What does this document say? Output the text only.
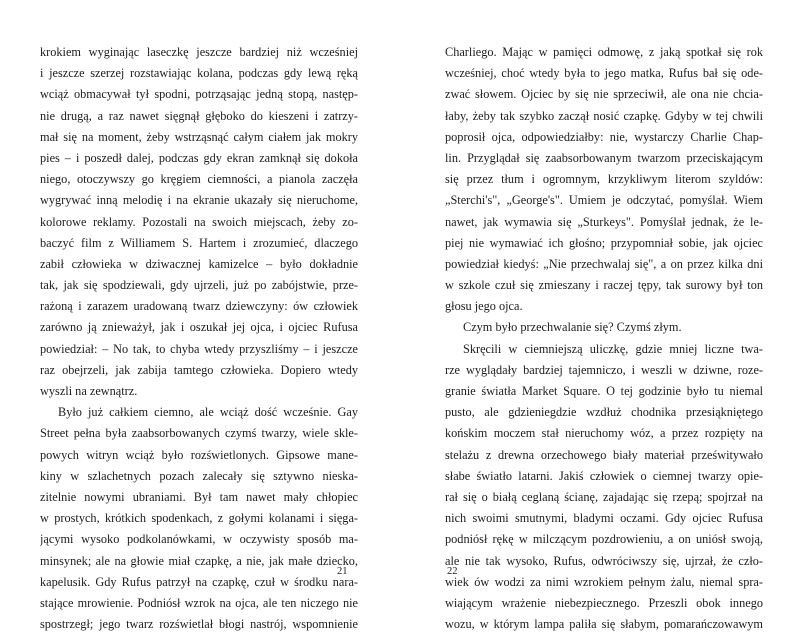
krokiem wyginając laseczkę jeszcze bardziej niż wcześniej
i jeszcze szerzej rozstawiając kolana, podczas gdy lewą ręką
wciąż obmacywał tył spodni, potrząsając jedną stopą, następ-
nie drugą, a raz nawet sięgnął głęboko do kieszeni i zatrzy-
mał się na moment, żeby wstrząsnąć całym ciałem jak mokry
pies – i poszedł dalej, podczas gdy ekran zamknął się dokoła
niego, otoczywszy go kręgiem ciemności, a pianola zaczęła
wygrywać inną melodię i na ekranie ukazały się nieruchome,
kolorowe reklamy. Pozostali na swoich miejscach, żeby zo-
baczyć film z Williamem S. Hartem i zrozumieć, dlaczego
zabił człowieka w dziwacznej kamizelce – było dokładnie
tak, jak się spodziewali, gdy ujrzeli, już po zabójstwie, prze-
rażoną i zarazem uradowaną twarz dziewczyny: ów człowiek
zarówno ją znieważył, jak i oszukał jej ojca, i ojciec Rufusa
powiedział: – No tak, to chyba wtedy przyszliśmy – i jeszcze
raz obejrzeli, jak zabija tamtego człowieka. Dopiero wtedy
wyszli na zewnątrz.
Było już całkiem ciemno, ale wciąż dość wcześnie. Gay
Street pełna była zaabsorbowanych czymś twarzy, wiele skle-
powych witryn wciąż było rozświetlonych. Gipsowe mane-
kiny w szlachetnych pozach zalecały się sztywno nieska-
zitelnie nowymi ubraniami. Był tam nawet mały chłopiec
w prostych, krótkich spodenkach, z gołymi kolanami i sięga-
jącymi wysoko podkolanówkami, w oczywisty sposób ma-
minsynek; ale na głowie miał czapkę, a nie, jak małe dziecko,
kapelusik. Gdy Rufus patrzył na czapkę, czuł w środku nara-
stające mrowienie. Podniósł wzrok na ojca, ale ten niczego nie
spostrzegł; jego twarz rozświetlał błogi nastrój, wspomnienie
Charliego. Mając w pamięci odmowę, z jaką spotkał się rok
wcześniej, choć wtedy była to jego matka, Rufus bał się ode-
zwać słowem. Ojciec by się nie sprzeciwił, ale ona nie chcia-
łaby, żeby tak szybko zaczął nosić czapkę. Gdyby w tej chwili
poprosił ojca, odpowiedziałby: nie, wystarczy Charlie Chap-
lin. Przyglądał się zaabsorbowanym twarzom przeciskającym
się przez tłum i ogromnym, krzykliwym literom szyldów:
„Sterchi's", „George's". Umiem je odczytać, pomyślał. Wiem
nawet, jak wymawia się „Sturkeys". Pomyślał jednak, że le-
piej nie wymawiać ich głośno; przypomniał sobie, jak ojciec
powiedział kiedyś: „Nie przechwalaj się", a on przez kilka dni
w szkole czuł się zmieszany i raczej tępy, tak surowy był ton
głosu jego ojca.
Czym było przechwalanie się? Czymś złym.
Skręcili w ciemniejszą uliczkę, gdzie mniej liczne twa-
rze wyglądały bardziej tajemniczo, i weszli w dziwne, roze-
granie światła Market Square. O tej godzinie było tu niemal
pusto, ale gdzieniegdzie wzdłuż chodnika przesiąkniętego
końskim moczem stał nieruchomy wóz, a przez rozpięty na
stelażu z drewna orzechowego biały materiał prześwitywało
słabe światło latarni. Jakiś człowiek o ciemnej twarzy opie-
rał się o białą ceglaną ścianę, zajadając się rzepą; spojrzał na
nich swoimi smutnymi, bladymi oczami. Gdy ojciec Rufusa
podniósł rękę w milczącym pozdrowieniu, a on uniósł swoją,
ale nie tak wysoko, Rufus, odwróciwszy się, ujrzał, że czło-
wiek ów wodzi za nimi wzrokiem pełnym żalu, niemal spra-
wiającym wrażenie niebezpiecznego. Przeszli obok innego
wozu, w którym lampa paliła się słabym, pomarańczowawym
21	22
